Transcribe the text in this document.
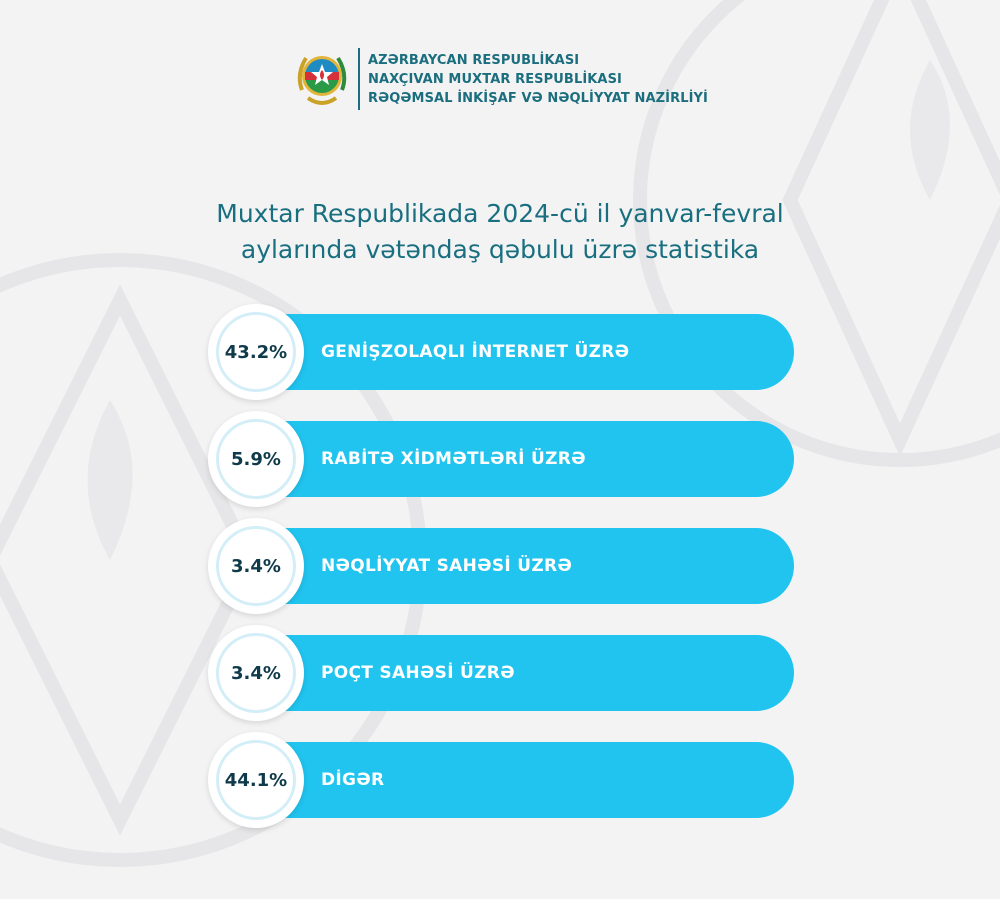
AZƏRBAYCAN RESPUBLİKASI
NAXÇIVAN MUXTAR RESPUBLİKASI
RƏQƏMSAL İNKİŞAF VƏ NƏQLİYYAT NAZİRLİYİ
Muxtar Respublikada 2024-cü il yanvar-fevral
aylarında vətəndaş qəbulu üzrə statistika
GENİŞZOLAQLI İNTERNET ÜZRƏ
43.2%
RABİTƏ XİDMƏTLƏRİ ÜZRƏ
5.9%
NƏQLİYYAT SAHƏSİ ÜZRƏ
3.4%
POÇT SAHƏSİ ÜZRƏ
3.4%
DİGƏR
44.1%
